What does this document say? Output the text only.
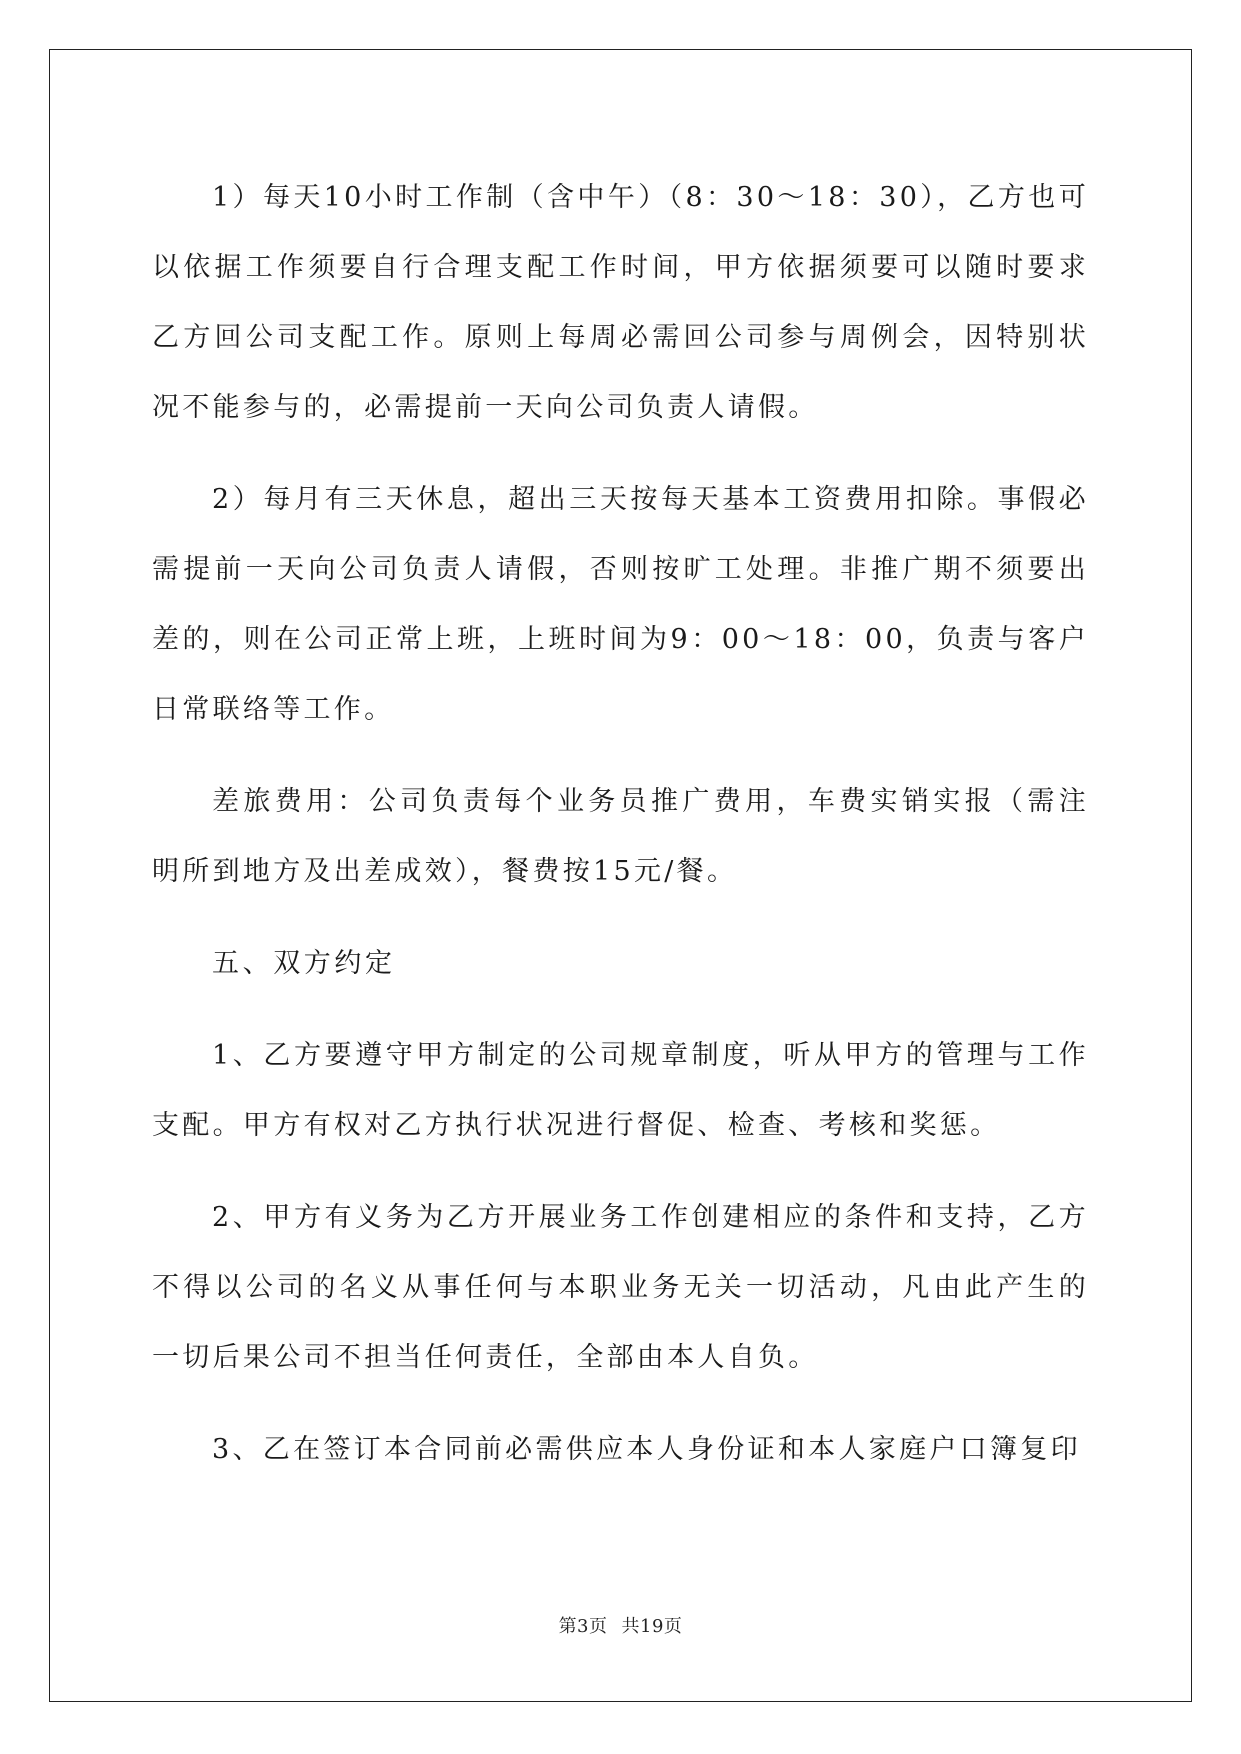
1）每天10小时工作制（含中午）（8：30～18：30），乙方也可以依据工作须要自行合理支配工作时间，甲方依据须要可以随时要求乙方回公司支配工作。原则上每周必需回公司参与周例会，因特别状况不能参与的，必需提前一天向公司负责人请假。

2）每月有三天休息，超出三天按每天基本工资费用扣除。事假必需提前一天向公司负责人请假，否则按旷工处理。非推广期不须要出差的，则在公司正常上班，上班时间为9：00～18：00，负责与客户日常联络等工作。

差旅费用：公司负责每个业务员推广费用，车费实销实报（需注明所到地方及出差成效），餐费按15元/餐。

五、双方约定

1、乙方要遵守甲方制定的公司规章制度，听从甲方的管理与工作支配。甲方有权对乙方执行状况进行督促、检查、考核和奖惩。

2、甲方有义务为乙方开展业务工作创建相应的条件和支持，乙方不得以公司的名义从事任何与本职业务无关一切活动，凡由此产生的一切后果公司不担当任何责任，全部由本人自负。

3、乙在签订本合同前必需供应本人身份证和本人家庭户口簿复印

第3页 共19页
